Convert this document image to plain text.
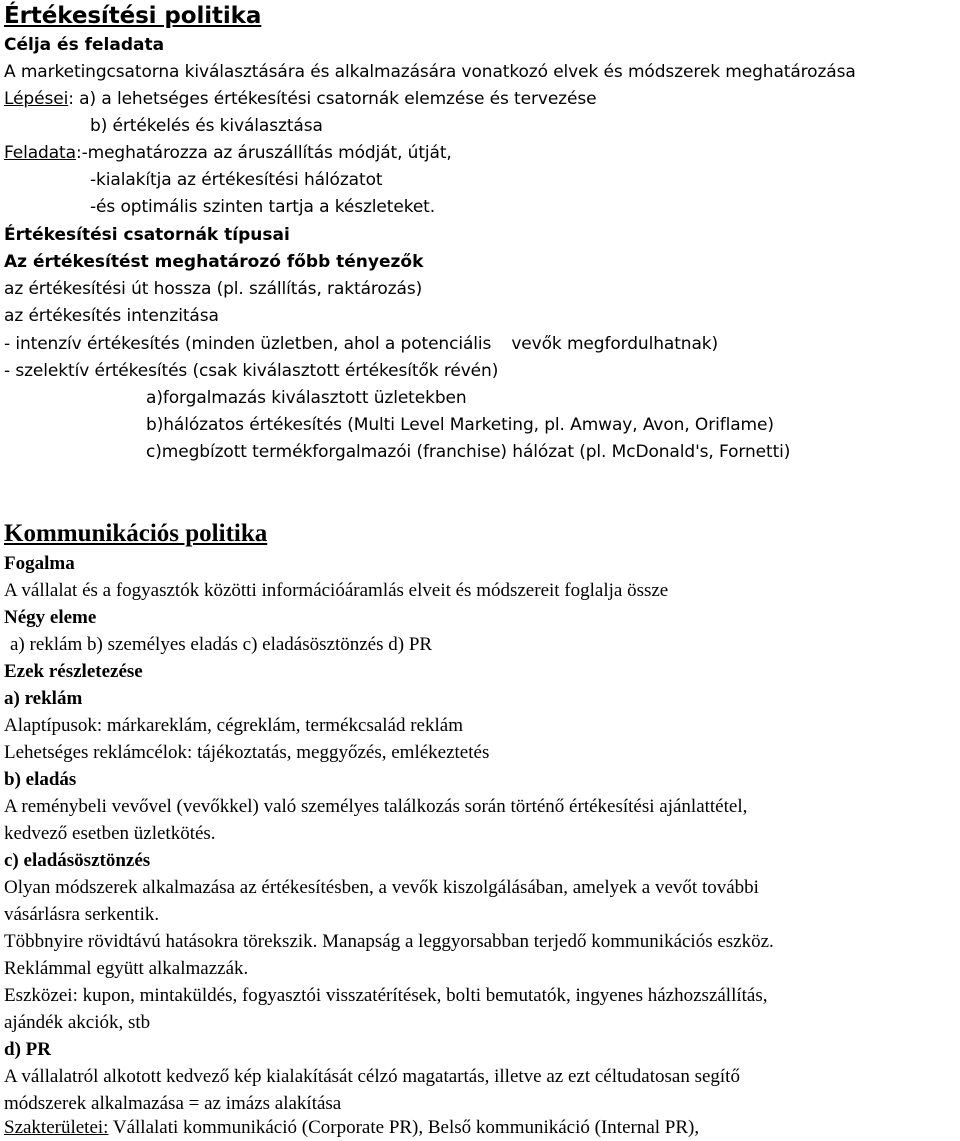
Értékesítési politika
Célja és feladata
A marketingcsatorna kiválasztására és alkalmazására vonatkozó elvek és módszerek meghatározása
Lépései: a) a lehetséges értékesítési csatornák elemzése és tervezése
b) értékelés és kiválasztása
Feladata:-meghatározza az áruszállítás módját, útját,
-kialakítja az értékesítési hálózatot
-és optimális szinten tartja a készleteket.
Értékesítési csatornák típusai
Az értékesítést meghatározó főbb tényezők
az értékesítési út hossza (pl. szállítás, raktározás)
az értékesítés intenzitása
- intenzív értékesítés (minden üzletben, ahol a potenciális vevők megfordulhatnak)
- szelektív értékesítés (csak kiválasztott értékesítők révén)
a)forgalmazás kiválasztott üzletekben
b)hálózatos értékesítés (Multi Level Marketing, pl. Amway, Avon, Oriflame)
c)megbízott termékforgalmazói (franchise) hálózat (pl. McDonald's, Fornetti)
Kommunikációs politika
Fogalma
A vállalat és a fogyasztók közötti információáramlás elveit és módszereit foglalja össze
Négy eleme
a) reklám b) személyes eladás c) eladásösztönzés d) PR
Ezek részletezése
a) reklám
Alaptípusok: márkareklám, cégreklám, termékcsalád reklám
Lehetséges reklámcélok: tájékoztatás, meggyőzés, emlékeztetés
b) eladás
A reménybeli vevővel (vevőkkel) való személyes találkozás során történő értékesítési ajánlattétel,
kedvező esetben üzletkötés.
c) eladásösztönzés
Olyan módszerek alkalmazása az értékesítésben, a vevők kiszolgálásában, amelyek a vevőt további
vásárlásra serkentik.
Többnyire rövidtávú hatásokra törekszik. Manapság a leggyorsabban terjedő kommunikációs eszköz.
Reklámmal együtt alkalmazzák.
Eszközei: kupon, mintaküldés, fogyasztói visszatérítések, bolti bemutatók, ingyenes házhozszállítás,
ajándék akciók, stb
d) PR
A vállalatról alkotott kedvező kép kialakítását célzó magatartás, illetve az ezt céltudatosan segítő
módszerek alkalmazása = az imázs alakítása
Szakterületei: Vállalati kommunikáció (Corporate PR), Belső kommunikáció (Internal PR),
